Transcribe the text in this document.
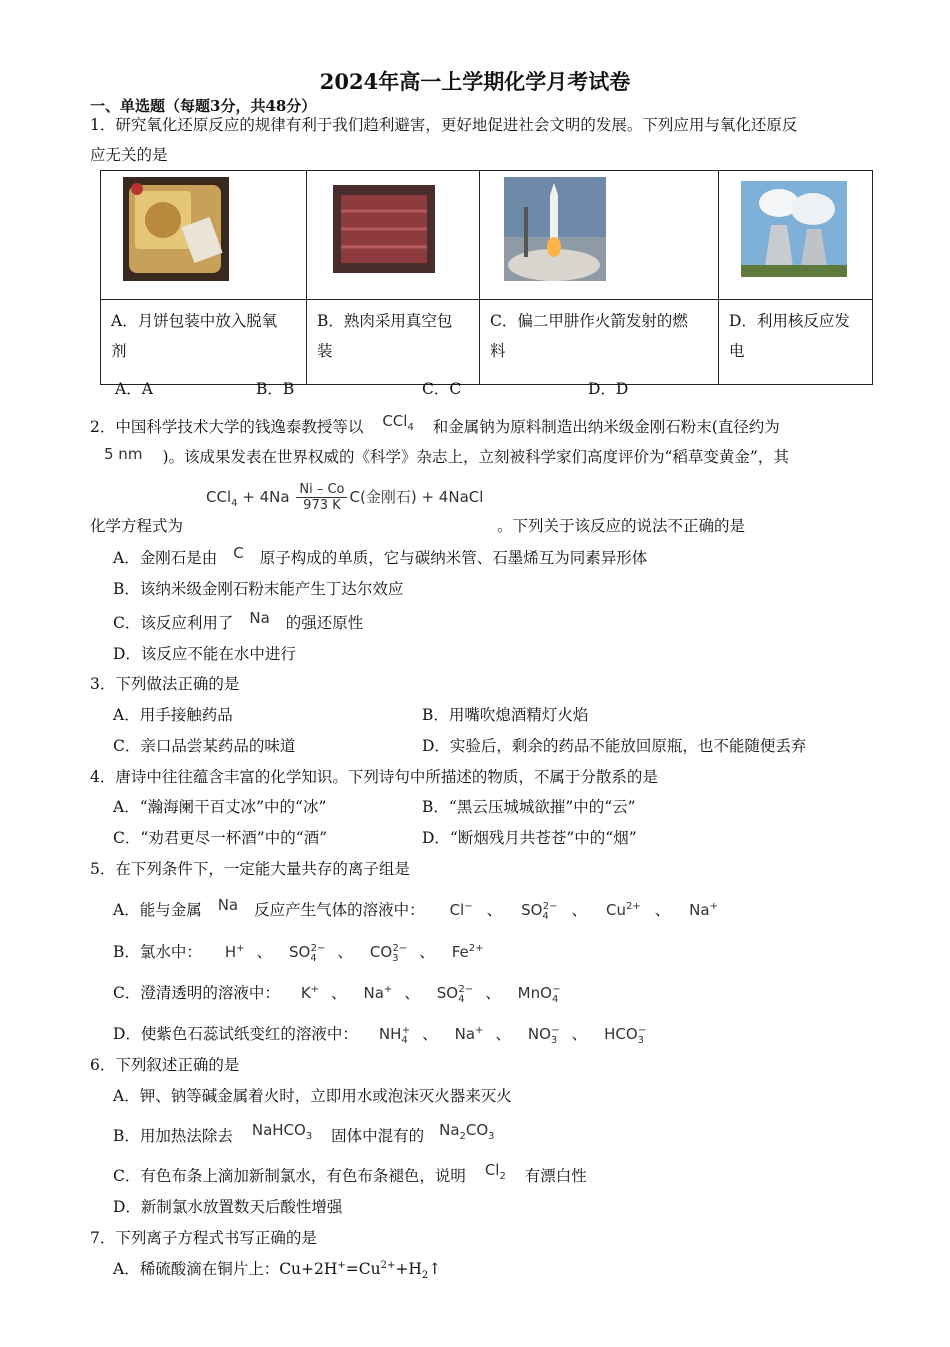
2024年高一上学期化学月考试卷
一、单选题（每题3分，共48分）
1．研究氧化还原反应的规律有利于我们趋利避害，更好地促进社会文明的发展。下列应用与氧化还原反
应无关的是

A．月饼包装中放入脱氧
剂	B．熟肉采用真空包
装	C．偏二甲肼作火箭发射的燃
料	D．利用核反应发
电
A．A	B．B	C．C	D．D
2．中国科学技术大学的钱逸泰教授等以 CCl$_4$ 和金属钠为原料制造出纳米级金刚石粉末(直径约为
5 nm )。该成果发表在世界权威的《科学》杂志上，立刻被科学家们高度评价为“稻草变黄金”，其
化学方程式为
$CCl_4 + 4Na \frac{Ni - Co}{973 K} C$(金刚石) + 4NaCl
。下列关于该反应的说法不正确的是
A．金刚石是由 C 原子构成的单质，它与碳纳米管、石墨烯互为同素异形体
B．该纳米级金刚石粉末能产生丁达尔效应
C．该反应利用了 Na 的强还原性
D．该反应不能在水中进行
3．下列做法正确的是
A．用手接触药品	B．用嘴吹熄酒精灯火焰
C．亲口品尝某药品的味道	D．实验后，剩余的药品不能放回原瓶，也不能随便丢弃
4．唐诗中往往蕴含丰富的化学知识。下列诗句中所描述的物质，不属于分散系的是
A．“瀚海阑干百丈冰”中的“冰”	B．“黑云压城城欲摧”中的“云”
C．“劝君更尽一杯酒”中的“酒”	D．“断烟残月共苍苍”中的“烟”
5．在下列条件下，一定能大量共存的离子组是
A．能与金属 Na 反应产生气体的溶液中： Cl− 、 $SO_4^{2-}$ 、 $Cu^{2+}$ 、 Na+
B．氯水中： H+ 、 $SO_4^{2-}$ 、 $CO_3^{2-}$ 、 $Fe^{2+}$
C．澄清透明的溶液中： K+ 、 Na+ 、 $SO_4^{2-}$ 、 MnO$_4$−
D．使紫色石蕊试纸变红的溶液中： $NH_4^+$ 、 Na+ 、 $NO_3^-$ 、 $HCO_3^-$
6．下列叙述正确的是
A．钾、钠等碱金属着火时，立即用水或泡沫灭火器来灭火
B．用加热法除去 NaHCO$_3$ 固体中混有的 $Na_2CO_3$
C．有色布条上滴加新制氯水，有色布条褪色，说明 $Cl_2$ 有漂白性
D．新制氯水放置数天后酸性增强
7．下列离子方程式书写正确的是
A．稀硫酸滴在铜片上：$Cu+2H^+=Cu^{2+}+H_2↑$
